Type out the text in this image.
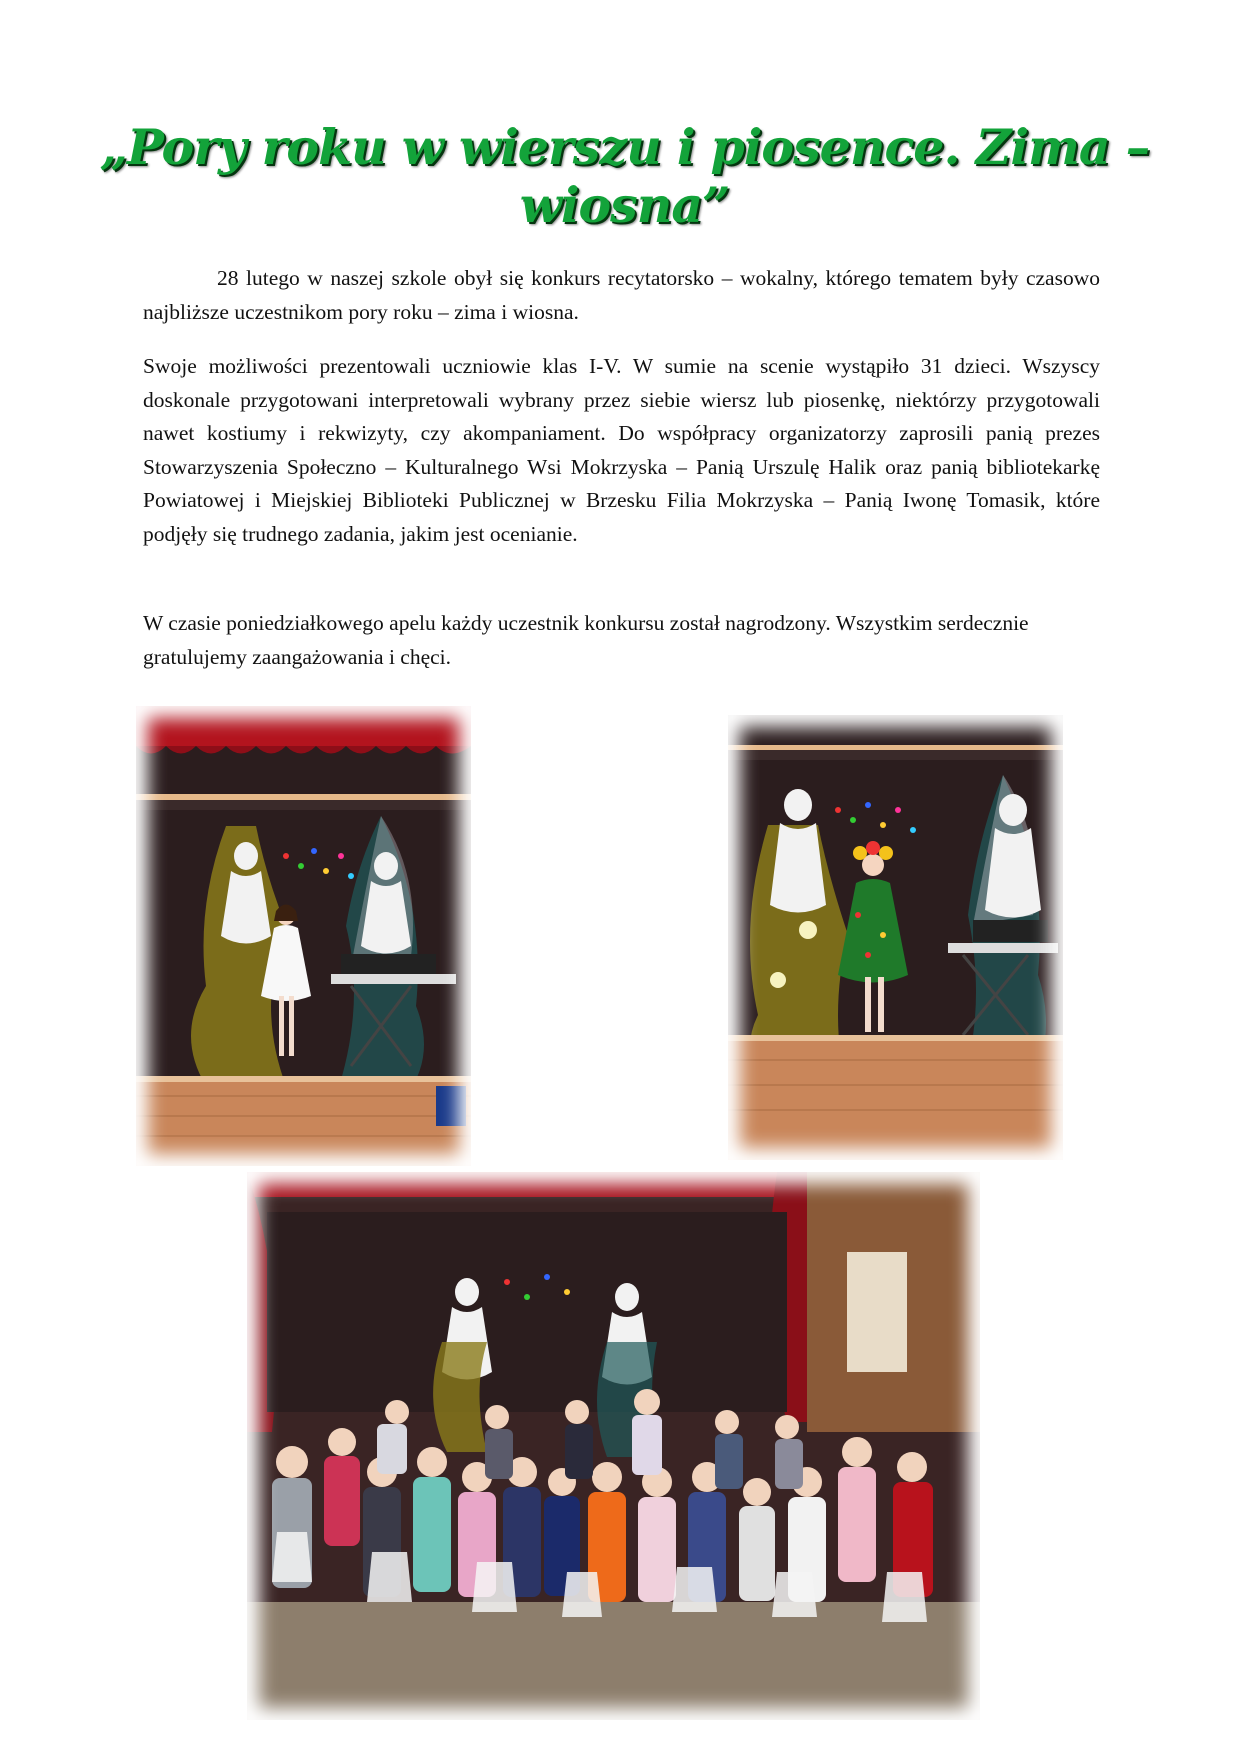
„Pory roku w wierszu i piosence. Zima – wiosna”

28 lutego w naszej szkole obył się konkurs recytatorsko – wokalny, którego tematem były czasowo najbliższe uczestnikom pory roku – zima i wiosna.

Swoje możliwości prezentowali uczniowie klas I-V. W sumie na scenie wystąpiło 31 dzieci. Wszyscy doskonale przygotowani interpretowali wybrany przez siebie wiersz lub piosenkę, niektórzy przygotowali nawet kostiumy i rekwizyty, czy akompaniament. Do współpracy organizatorzy zaprosili panią prezes Stowarzyszenia Społeczno – Kulturalnego Wsi Mokrzyska – Panią Urszulę Halik oraz panią bibliotekarkę Powiatowej i Miejskiej Biblioteki Publicznej w Brzesku Filia Mokrzyska – Panią Iwonę Tomasik, które podjęły się trudnego zadania, jakim jest ocenianie.

W czasie poniedziałkowego apelu każdy uczestnik konkursu został nagrodzony. Wszystkim serdecznie gratulujemy zaangażowania i chęci.
